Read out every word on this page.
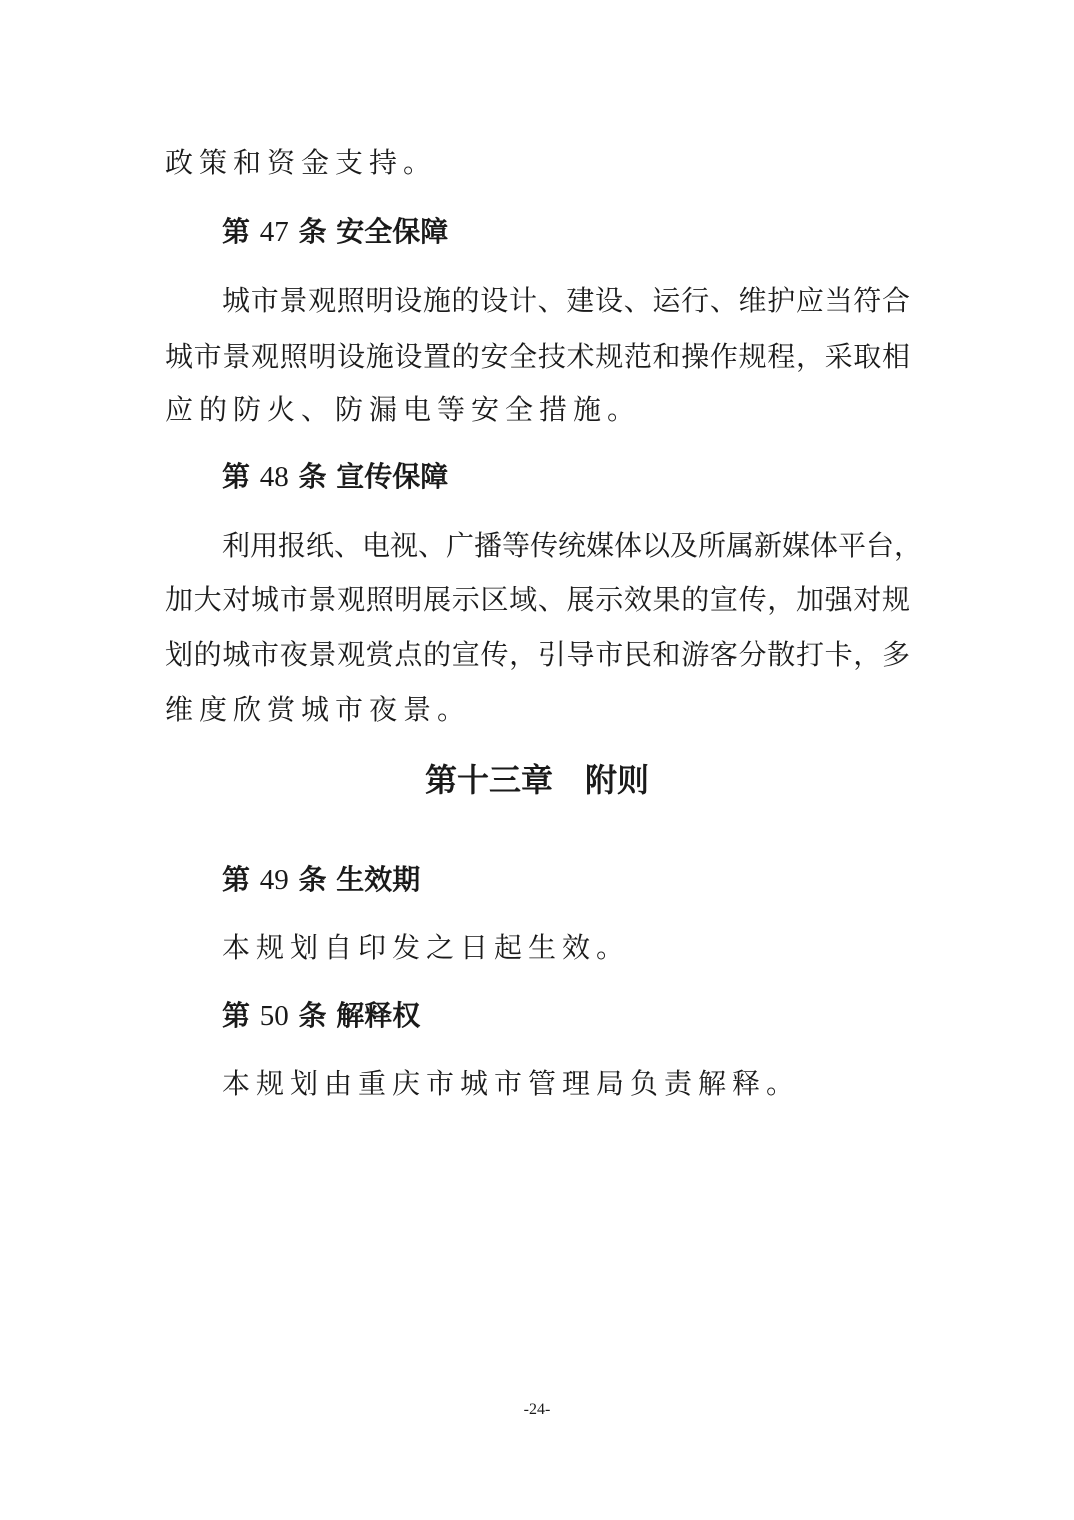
政策和资金支持。
第 47 条 安全保障
城市景观照明设施的设计、建设、运行、维护应当符合
城市景观照明设施设置的安全技术规范和操作规程，采取相
应的防火、防漏电等安全措施。
第 48 条 宣传保障
利用报纸、电视、广播等传统媒体以及所属新媒体平台，
加大对城市景观照明展示区域、展示效果的宣传，加强对规
划的城市夜景观赏点的宣传，引导市民和游客分散打卡，多
维度欣赏城市夜景。
第十三章　附则
第 49 条 生效期
本规划自印发之日起生效。
第 50 条 解释权
本规划由重庆市城市管理局负责解释。
-24-
